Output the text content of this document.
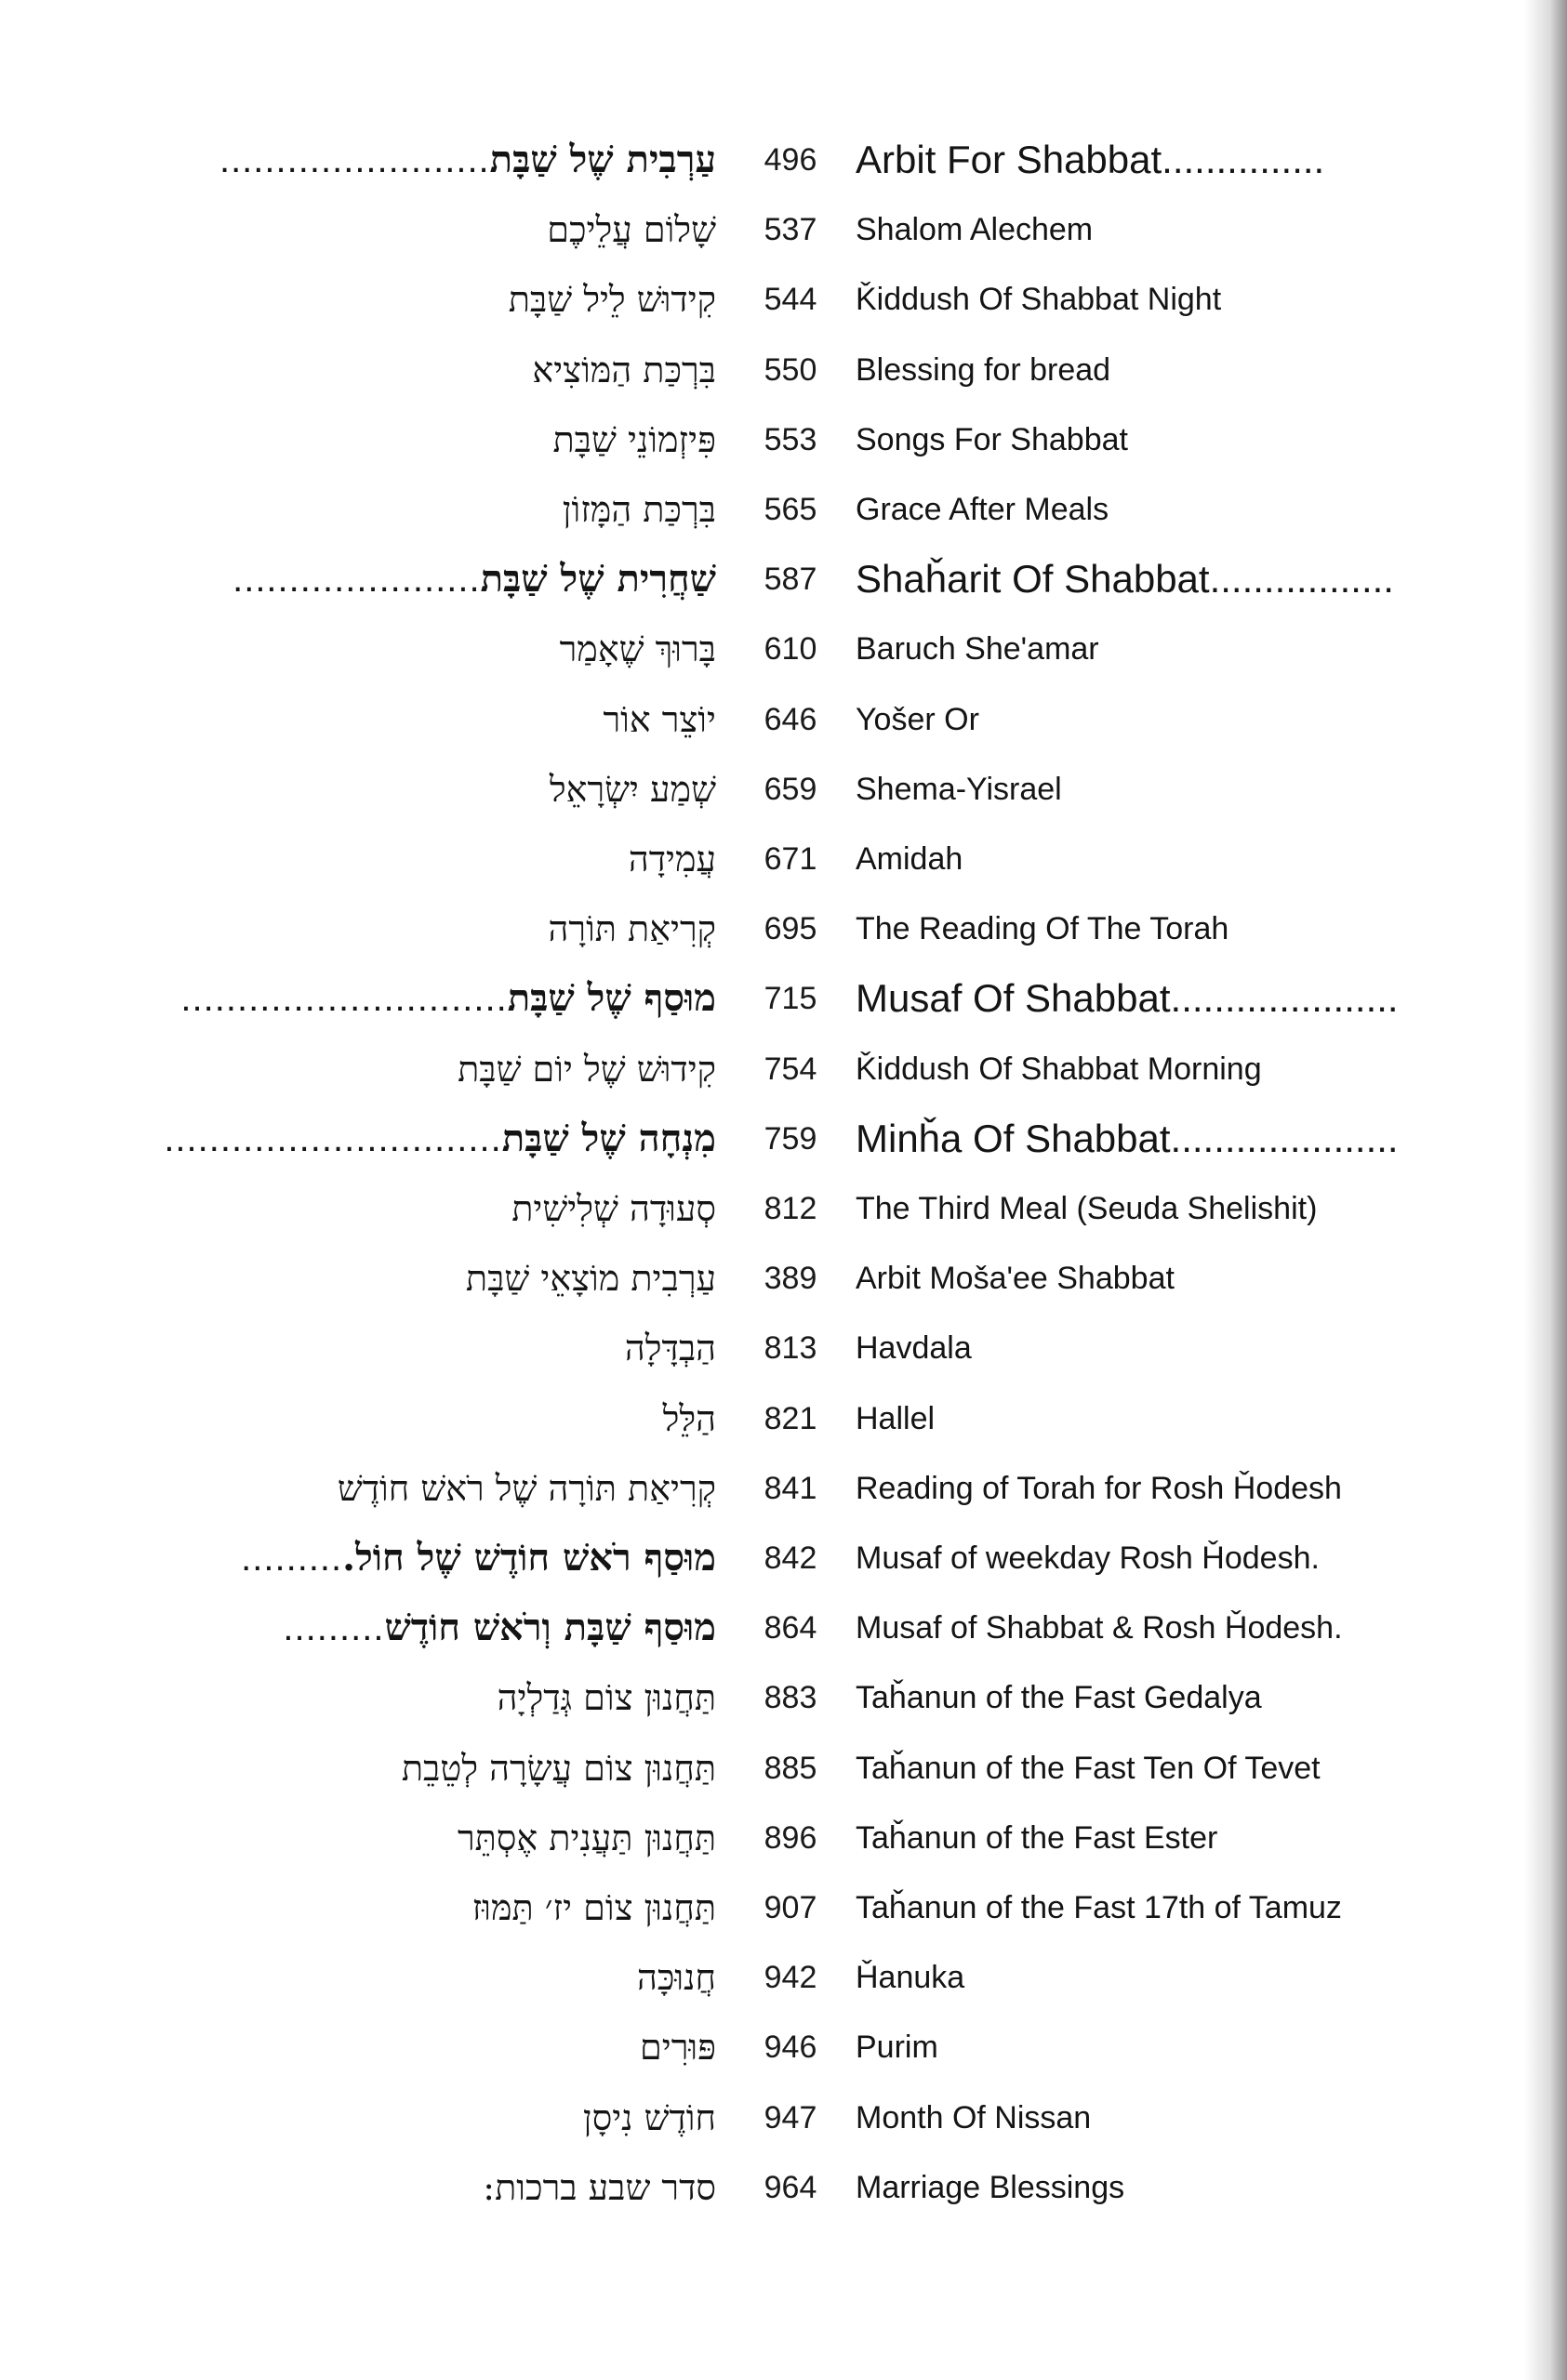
עַרְבִית שֶׁל שַׁבָּת........................	496 Arbit For Shabbat...............
שָׁלוֹם עֲלֵיכֶם	537	Shalom Alechem
קִידוּשׁ לֵיל שַׁבָּת	544	Ǩiddush Of Shabbat Night
בִּרְכַּת הַמּוֹצִיא	550	Blessing for bread
פִּיזְמוֹנֵי שַׁבָּת	553	Songs For Shabbat
בִּרְכַּת הַמָּזוֹן	565	Grace After Meals
שַׁחֲרִית שֶׁל שַׁבָּת......................	587 Shaȟarit Of Shabbat.................
בָּרוּךְ שֶׁאָמַר	610	Baruch She'amar
יוֹצֵר אוֹר	646	Yošer Or
שְׁמַע יִשְׂרָאֵל	659	Shema-Yisrael
עֲמִידָה	671	Amidah
קְרִיאַת תּוֹרָה	695	The Reading Of The Torah
מוּסַף שֶׁל שַׁבָּת.............................	715 Musaf Of Shabbat.....................
קִידוּשׁ שֶׁל יוֹם שַׁבָּת	754	Ǩiddush Of Shabbat Morning
מִנְחָה שֶׁל שַׁבָּת..............................	759 Minȟa Of Shabbat.....................
סְעוּדָה שְׁלִישִׁית	812	The Third Meal (Seuda Shelishit)
עַרְבִית מוֹצָאֵי שַׁבָּת	389	Arbit Moša'ee Shabbat
הַבְדָּלָה	813	Havdala
הַלֵּל	821	Hallel
קְרִיאַת תּוֹרָה שֶׁל רֹאשׁ חוֹדֶשׁ	841	Reading of Torah for Rosh Ȟodesh
מוּסַף רֹאשׁ חוֹדֶשׁ שֶׁל חוֹל..........	842	Musaf of weekday Rosh Ȟodesh.
מוּסַף שַׁבָּת וְרֹאשׁ חוֹדֶשׁ.........	864	Musaf of Shabbat & Rosh Ȟodesh.
תַּחֲנוּן צוֹם גְּדַלְיָה	883	Taȟanun of the Fast Gedalya
תַּחֲנוּן צוֹם עֲשָׂרָה לְטֵבֵת	885	Taȟanun of the Fast Ten Of Tevet
תַּחֲנוּן תַּעֲנִית אֶסְתֵּר	896	Taȟanun of the Fast Ester
תַּחֲנוּן צוֹם יז׳ תַּמּוּז	907	Taȟanun of the Fast 17th of Tamuz
חֲנוּכָּה	942	Ȟanuka
פּוּרִים	946	Purim
חוֹדֶשׁ נִיסָן	947	Month Of Nissan
סדר שבע ברכות:	964	Marriage Blessings
